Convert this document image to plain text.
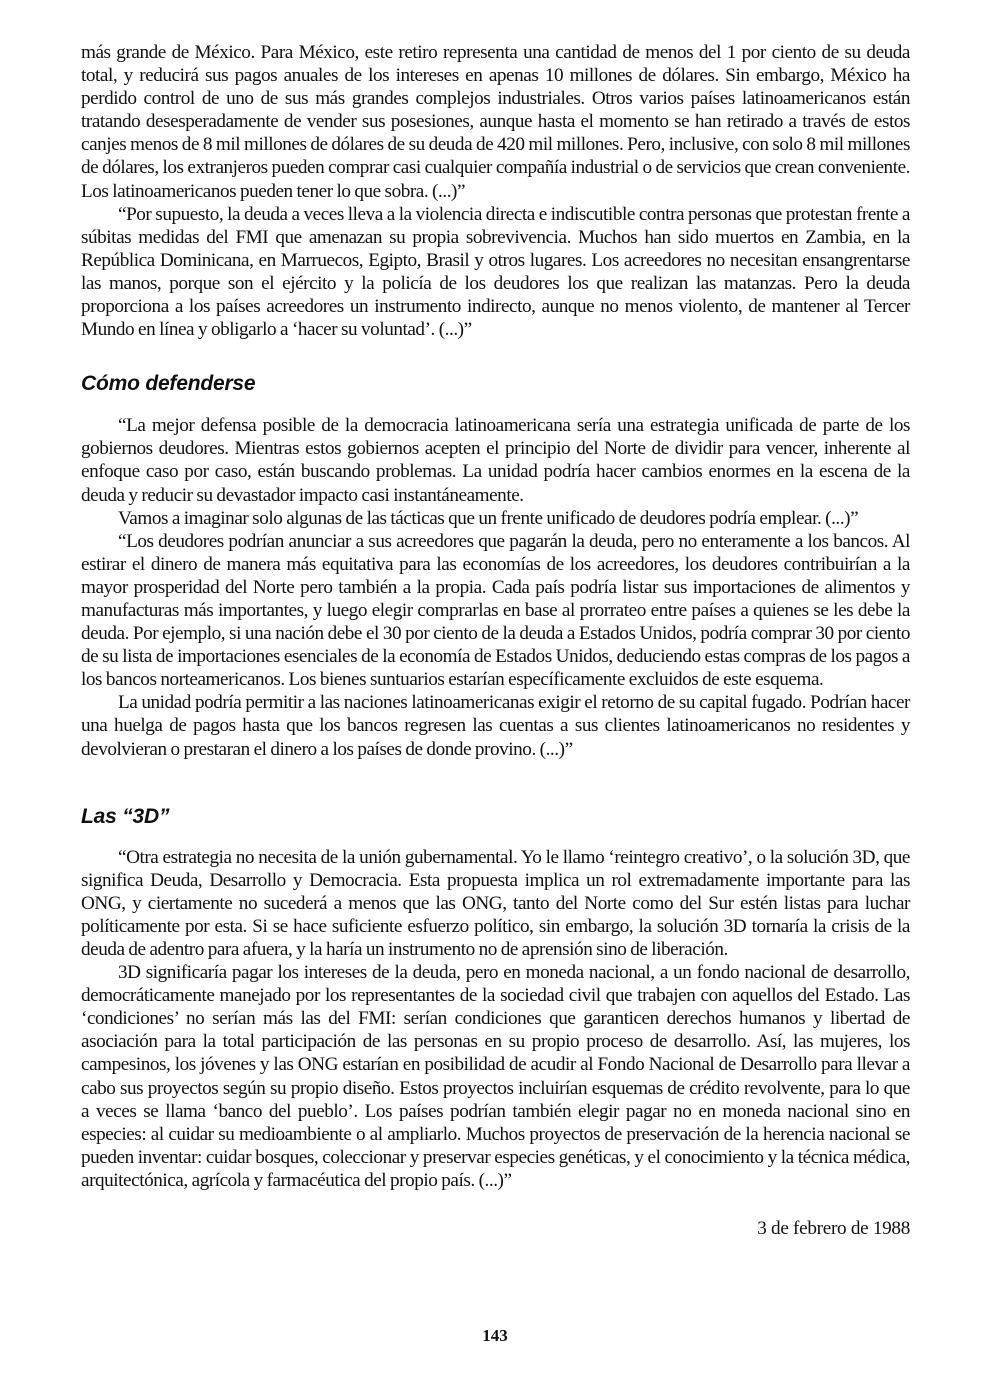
más grande de México. Para México, este retiro representa una cantidad de menos del 1 por ciento de su deuda total, y reducirá sus pagos anuales de los intereses en apenas 10 millones de dólares. Sin embargo, México ha perdido control de uno de sus más grandes complejos industriales. Otros varios países latinoamericanos están tratando desesperadamente de vender sus posesiones, aunque hasta el momento se han retirado a través de estos canjes menos de 8 mil millones de dólares de su deuda de 420 mil millones. Pero, inclusive, con solo 8 mil millones de dólares, los extranjeros pueden comprar casi cualquier compañía industrial o de servicios que crean conveniente. Los latinoamericanos pueden tener lo que sobra. (...)”

“Por supuesto, la deuda a veces lleva a la violencia directa e indiscutible contra personas que protestan frente a súbitas medidas del FMI que amenazan su propia sobrevivencia. Muchos han sido muertos en Zambia, en la República Dominicana, en Marruecos, Egipto, Brasil y otros lugares. Los acreedores no necesitan ensangrentarse las manos, porque son el ejército y la policía de los deudores los que realizan las matanzas. Pero la deuda proporciona a los países acreedores un instrumento indirecto, aunque no menos violento, de mantener al Tercer Mundo en línea y obligarlo a ‘hacer su voluntad’. (...)”

Cómo defenderse

“La mejor defensa posible de la democracia latinoamericana sería una estrategia unificada de parte de los gobiernos deudores. Mientras estos gobiernos acepten el principio del Norte de dividir para vencer, inherente al enfoque caso por caso, están buscando problemas. La unidad podría hacer cambios enormes en la escena de la deuda y reducir su devastador impacto casi instantáneamente.

Vamos a imaginar solo algunas de las tácticas que un frente unificado de deudores podría emplear. (...)”

“Los deudores podrían anunciar a sus acreedores que pagarán la deuda, pero no enteramente a los bancos. Al estirar el dinero de manera más equitativa para las economías de los acreedores, los deudores contribuirían a la mayor prosperidad del Norte pero también a la propia. Cada país podría listar sus importaciones de alimentos y manufacturas más importantes, y luego elegir comprarlas en base al prorrateo entre países a quienes se les debe la deuda. Por ejemplo, si una nación debe el 30 por ciento de la deuda a Estados Unidos, podría comprar 30 por ciento de su lista de importaciones esenciales de la economía de Estados Unidos, deduciendo estas compras de los pagos a los bancos norteamericanos. Los bienes suntuarios estarían específicamente excluidos de este esquema.

La unidad podría permitir a las naciones latinoamericanas exigir el retorno de su capital fugado. Podrían hacer una huelga de pagos hasta que los bancos regresen las cuentas a sus clientes latinoamericanos no residentes y devolvieran o prestaran el dinero a los países de donde provino. (...)”

Las “3D”

“Otra estrategia no necesita de la unión gubernamental. Yo le llamo ‘reintegro creativo’, o la solución 3D, que significa Deuda, Desarrollo y Democracia. Esta propuesta implica un rol extremadamente importante para las ONG, y ciertamente no sucederá a menos que las ONG, tanto del Norte como del Sur estén listas para luchar políticamente por esta. Si se hace suficiente esfuerzo político, sin embargo, la solución 3D tornaría la crisis de la deuda de adentro para afuera, y la haría un instrumento no de aprensión sino de liberación.

3D significaría pagar los intereses de la deuda, pero en moneda nacional, a un fondo nacional de desarrollo, democráticamente manejado por los representantes de la sociedad civil que trabajen con aquellos del Estado. Las ‘condiciones’ no serían más las del FMI: serían condiciones que garanticen derechos humanos y libertad de asociación para la total participación de las personas en su propio proceso de desarrollo. Así, las mujeres, los campesinos, los jóvenes y las ONG estarían en posibilidad de acudir al Fondo Nacional de Desarrollo para llevar a cabo sus proyectos según su propio diseño. Estos proyectos incluirían esquemas de crédito revolvente, para lo que a veces se llama ‘banco del pueblo’. Los países podrían también elegir pagar no en moneda nacional sino en especies: al cuidar su medioambiente o al ampliarlo. Muchos proyectos de preservación de la herencia nacional se pueden inventar: cuidar bosques, coleccionar y preservar especies genéticas, y el conocimiento y la técnica médica, arquitectónica, agrícola y farmacéutica del propio país. (...)”

3 de febrero de 1988

143
